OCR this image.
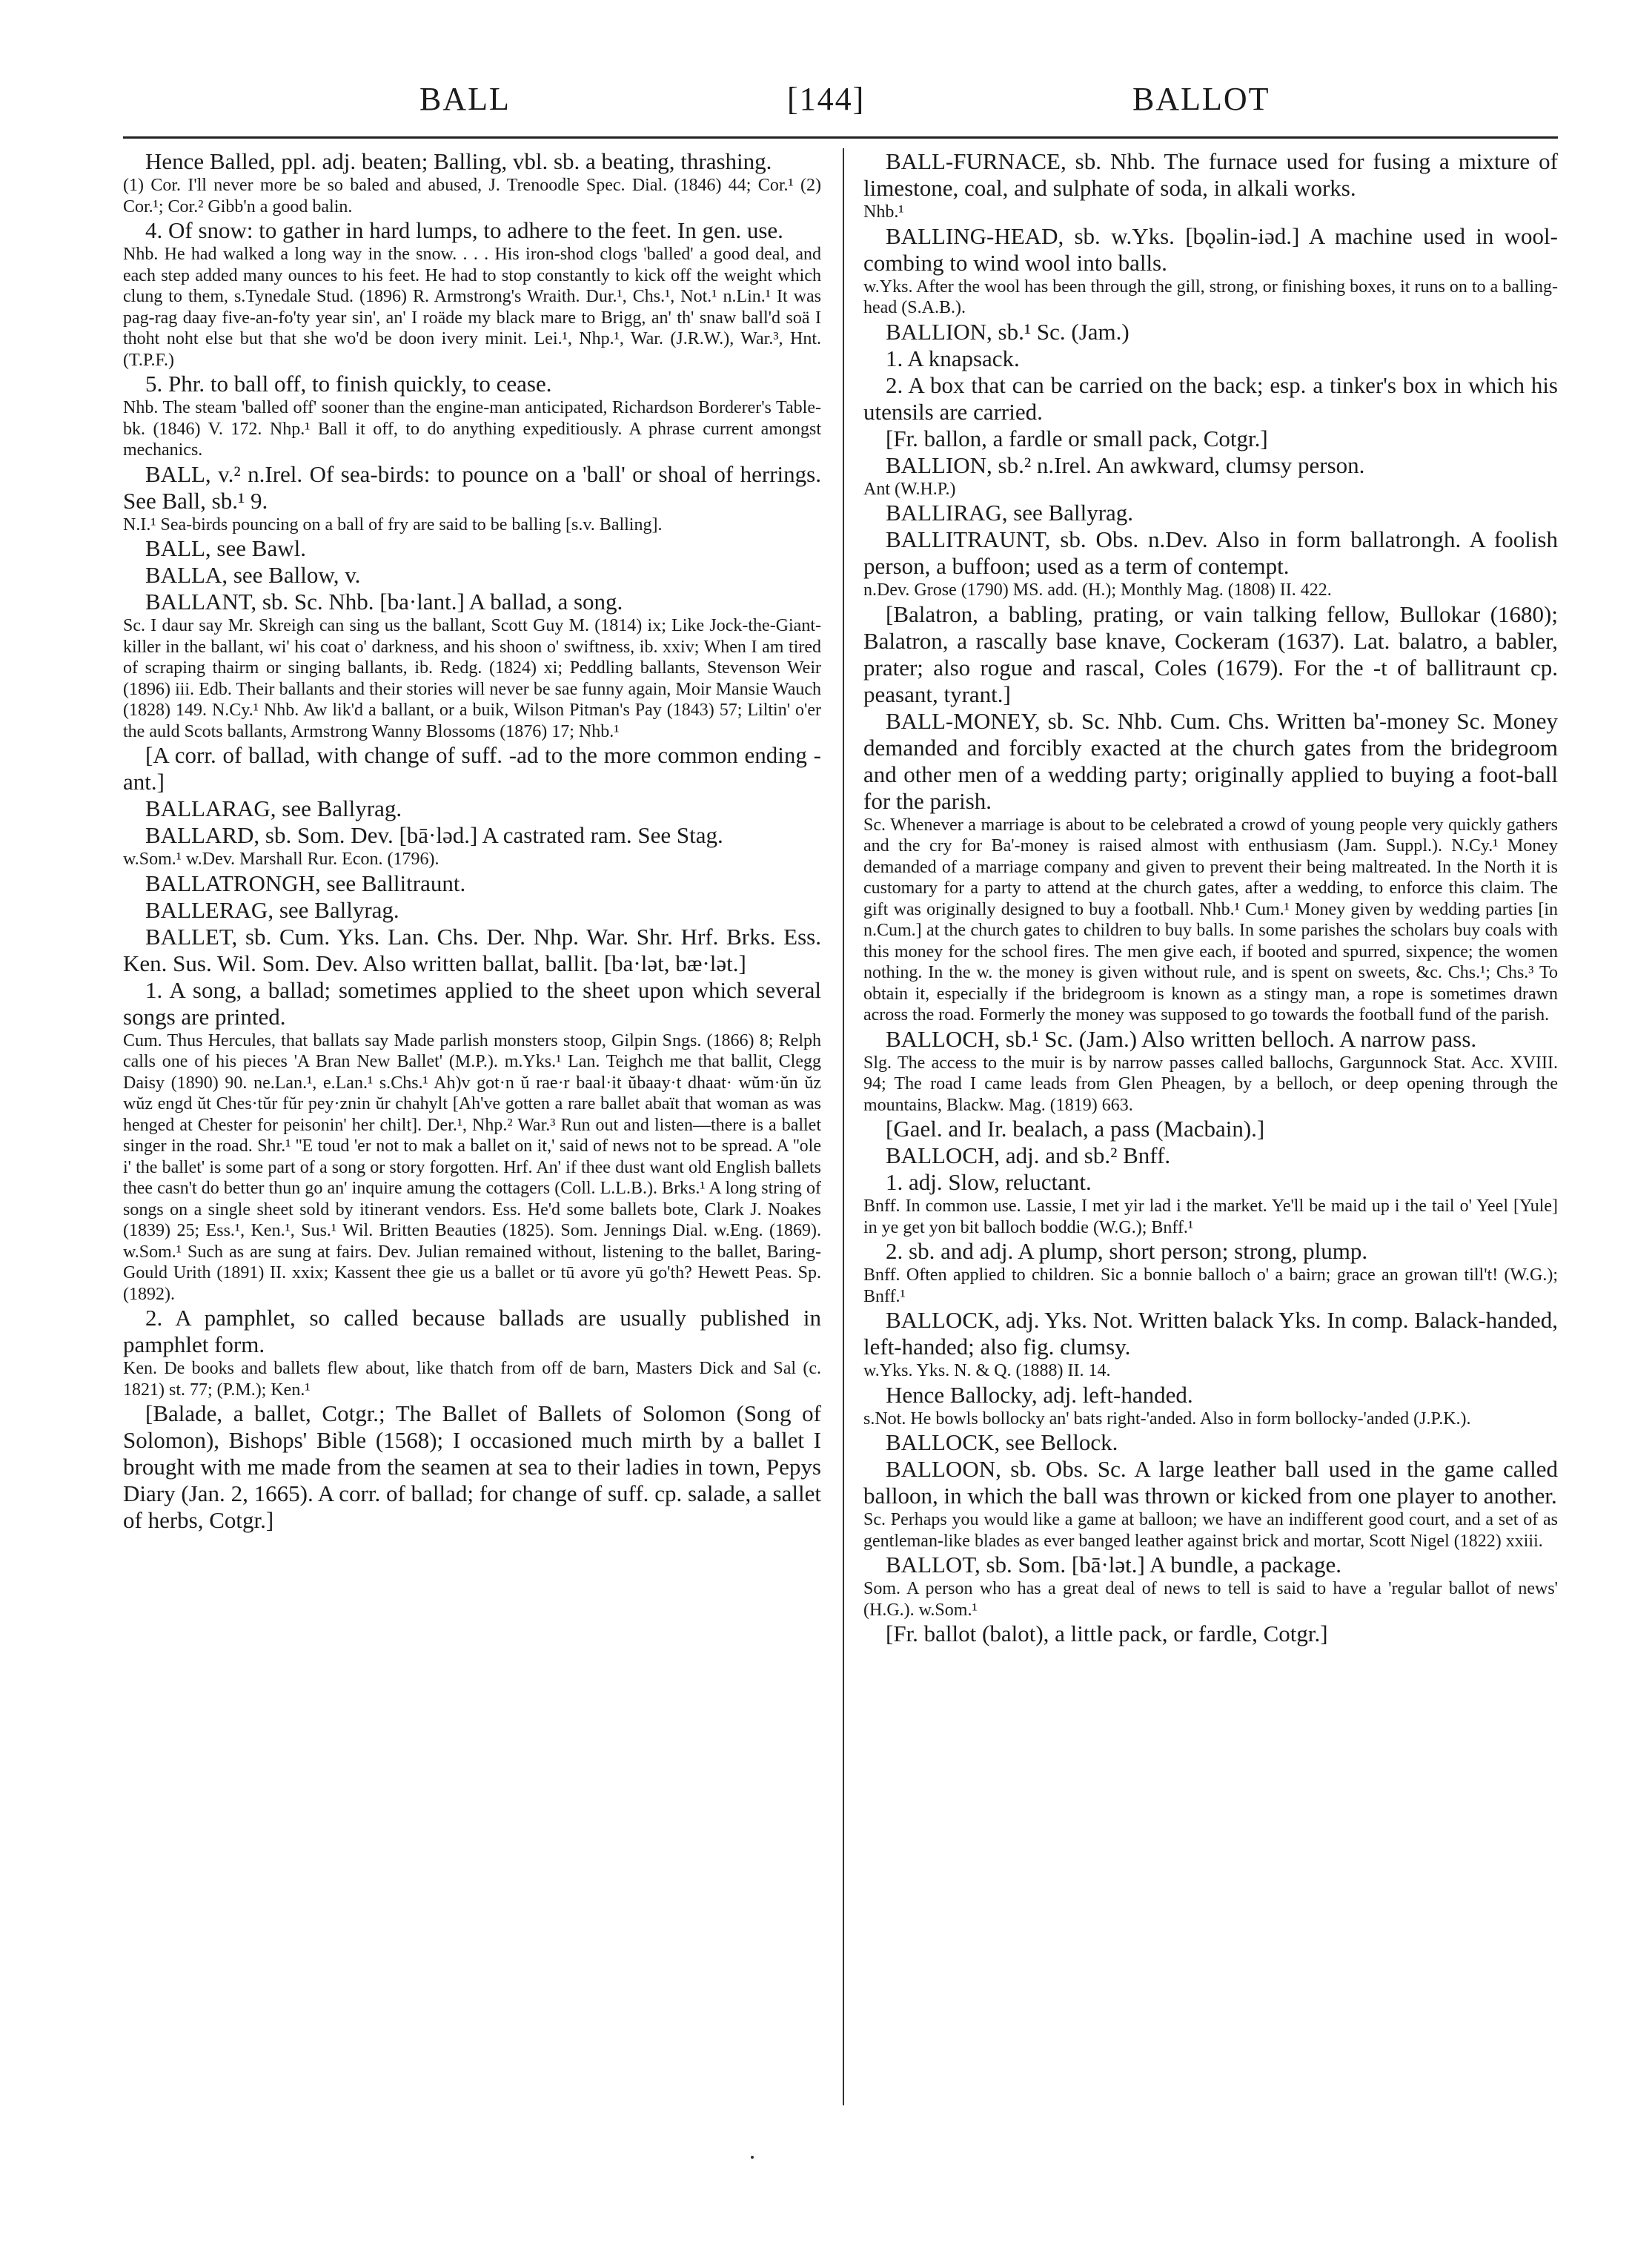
BALL	[144]	BALLOT

Hence Balled, ppl. adj. beaten; Balling, vbl. sb. a beating, thrashing.

(1) Cor. I'll never more be so baled and abused, J. Trenoodle Spec. Dial. (1846) 44; Cor.¹ (2) Cor.¹; Cor.² Gibb'n a good balin.

4. Of snow: to gather in hard lumps, to adhere to the feet. In gen. use.

Nhb. He had walked a long way in the snow. . . . His iron-shod clogs 'balled' a good deal, and each step added many ounces to his feet. He had to stop constantly to kick off the weight which clung to them, s.Tynedale Stud. (1896) R. Armstrong's Wraith. Dur.¹, Chs.¹, Not.¹ n.Lin.¹ It was pag-rag daay five-an-fo'ty year sin', an' I roäde my black mare to Brigg, an' th' snaw ball'd soä I thoht noht else but that she wo'd be doon ivery minit. Lei.¹, Nhp.¹, War. (J.R.W.), War.³, Hnt. (T.P.F.)

5. Phr. to ball off, to finish quickly, to cease.

Nhb. The steam 'balled off' sooner than the engine-man anticipated, Richardson Borderer's Table-bk. (1846) V. 172. Nhp.¹ Ball it off, to do anything expeditiously. A phrase current amongst mechanics.

BALL, v.² n.Irel. Of sea-birds: to pounce on a 'ball' or shoal of herrings. See Ball, sb.¹ 9.

N.I.¹ Sea-birds pouncing on a ball of fry are said to be balling [s.v. Balling].

BALL, see Bawl.

BALLA, see Ballow, v.

BALLANT, sb. Sc. Nhb. [ba·lant.] A ballad, a song.

Sc. I daur say Mr. Skreigh can sing us the ballant, Scott Guy M. (1814) ix; Like Jock-the-Giant-killer in the ballant, wi' his coat o' darkness, and his shoon o' swiftness, ib. xxiv; When I am tired of scraping thairm or singing ballants, ib. Redg. (1824) xi; Peddling ballants, Stevenson Weir (1896) iii. Edb. Their ballants and their stories will never be sae funny again, Moir Mansie Wauch (1828) 149. N.Cy.¹ Nhb. Aw lik'd a ballant, or a buik, Wilson Pitman's Pay (1843) 57; Liltin' o'er the auld Scots ballants, Armstrong Wanny Blossoms (1876) 17; Nhb.¹

[A corr. of ballad, with change of suff. -ad to the more common ending -ant.]

BALLARAG, see Ballyrag.

BALLARD, sb. Som. Dev. [bā·ləd.] A castrated ram. See Stag.

w.Som.¹ w.Dev. Marshall Rur. Econ. (1796).

BALLATRONGH, see Ballitraunt.

BALLERAG, see Ballyrag.

BALLET, sb. Cum. Yks. Lan. Chs. Der. Nhp. War. Shr. Hrf. Brks. Ess. Ken. Sus. Wil. Som. Dev. Also written ballat, ballit. [ba·lət, bæ·lət.]

1. A song, a ballad; sometimes applied to the sheet upon which several songs are printed.

Cum. Thus Hercules, that ballats say Made parlish monsters stoop, Gilpin Sngs. (1866) 8; Relph calls one of his pieces 'A Bran New Ballet' (M.P.). m.Yks.¹ Lan. Teighch me that ballit, Clegg Daisy (1890) 90. ne.Lan.¹, e.Lan.¹ s.Chs.¹ Ah)v got·n ŭ rae·r baal·it ŭbaay·t dhaat· wŭm·ŭn ŭz wŭz engd ŭt Ches·tŭr fŭr pey·znin ŭr chahylt [Ah've gotten a rare ballet abaït that woman as was henged at Chester for peisonin' her chilt]. Der.¹, Nhp.² War.³ Run out and listen—there is a ballet singer in the road. Shr.¹ ''E toud 'er not to mak a ballet on it,' said of news not to be spread. A ''ole i' the ballet' is some part of a song or story forgotten. Hrf. An' if thee dust want old English ballets thee casn't do better thun go an' inquire amung the cottagers (Coll. L.L.B.). Brks.¹ A long string of songs on a single sheet sold by itinerant vendors. Ess. He'd some ballets bote, Clark J. Noakes (1839) 25; Ess.¹, Ken.¹, Sus.¹ Wil. Britten Beauties (1825). Som. Jennings Dial. w.Eng. (1869). w.Som.¹ Such as are sung at fairs. Dev. Julian remained without, listening to the ballet, Baring-Gould Urith (1891) II. xxix; Kassent thee gie us a ballet or tū avore yū go'th? Hewett Peas. Sp. (1892).

2. A pamphlet, so called because ballads are usually published in pamphlet form.

Ken. De books and ballets flew about, like thatch from off de barn, Masters Dick and Sal (c. 1821) st. 77; (P.M.); Ken.¹

[Balade, a ballet, Cotgr.; The Ballet of Ballets of Solomon (Song of Solomon), Bishops' Bible (1568); I occasioned much mirth by a ballet I brought with me made from the seamen at sea to their ladies in town, Pepys Diary (Jan. 2, 1665). A corr. of ballad; for change of suff. cp. salade, a sallet of herbs, Cotgr.]

BALL-FURNACE, sb. Nhb. The furnace used for fusing a mixture of limestone, coal, and sulphate of soda, in alkali works.

Nhb.¹

BALLING-HEAD, sb. w.Yks. [bǫəlin-iəd.] A machine used in wool-combing to wind wool into balls.

w.Yks. After the wool has been through the gill, strong, or finishing boxes, it runs on to a balling-head (S.A.B.).

BALLION, sb.¹ Sc. (Jam.)

1. A knapsack.

2. A box that can be carried on the back; esp. a tinker's box in which his utensils are carried.

[Fr. ballon, a fardle or small pack, Cotgr.]

BALLION, sb.² n.Irel. An awkward, clumsy person.

Ant (W.H.P.)

BALLIRAG, see Ballyrag.

BALLITRAUNT, sb. Obs. n.Dev. Also in form ballatrongh. A foolish person, a buffoon; used as a term of contempt.

n.Dev. Grose (1790) MS. add. (H.); Monthly Mag. (1808) II. 422.

[Balatron, a babling, prating, or vain talking fellow, Bullokar (1680); Balatron, a rascally base knave, Cockeram (1637). Lat. balatro, a babler, prater; also rogue and rascal, Coles (1679). For the -t of ballitraunt cp. peasant, tyrant.]

BALL-MONEY, sb. Sc. Nhb. Cum. Chs. Written ba'-money Sc. Money demanded and forcibly exacted at the church gates from the bridegroom and other men of a wedding party; originally applied to buying a foot-ball for the parish.

Sc. Whenever a marriage is about to be celebrated a crowd of young people very quickly gathers and the cry for Ba'-money is raised almost with enthusiasm (Jam. Suppl.). N.Cy.¹ Money demanded of a marriage company and given to prevent their being maltreated. In the North it is customary for a party to attend at the church gates, after a wedding, to enforce this claim. The gift was originally designed to buy a football. Nhb.¹ Cum.¹ Money given by wedding parties [in n.Cum.] at the church gates to children to buy balls. In some parishes the scholars buy coals with this money for the school fires. The men give each, if booted and spurred, sixpence; the women nothing. In the w. the money is given without rule, and is spent on sweets, &c. Chs.¹; Chs.³ To obtain it, especially if the bridegroom is known as a stingy man, a rope is sometimes drawn across the road. Formerly the money was supposed to go towards the football fund of the parish.

BALLOCH, sb.¹ Sc. (Jam.) Also written belloch. A narrow pass.

Slg. The access to the muir is by narrow passes called ballochs, Gargunnock Stat. Acc. XVIII. 94; The road I came leads from Glen Pheagen, by a belloch, or deep opening through the mountains, Blackw. Mag. (1819) 663.

[Gael. and Ir. bealach, a pass (Macbain).]

BALLOCH, adj. and sb.² Bnff.

1. adj. Slow, reluctant.

Bnff. In common use. Lassie, I met yir lad i the market. Ye'll be maid up i the tail o' Yeel [Yule] in ye get yon bit balloch boddie (W.G.); Bnff.¹

2. sb. and adj. A plump, short person; strong, plump.

Bnff. Often applied to children. Sic a bonnie balloch o' a bairn; grace an growan till't! (W.G.); Bnff.¹

BALLOCK, adj. Yks. Not. Written balack Yks. In comp. Balack-handed, left-handed; also fig. clumsy.

w.Yks. Yks. N. & Q. (1888) II. 14.

Hence Ballocky, adj. left-handed.

s.Not. He bowls bollocky an' bats right-'anded. Also in form bollocky-'anded (J.P.K.).

BALLOCK, see Bellock.

BALLOON, sb. Obs. Sc. A large leather ball used in the game called balloon, in which the ball was thrown or kicked from one player to another.

Sc. Perhaps you would like a game at balloon; we have an indifferent good court, and a set of as gentleman-like blades as ever banged leather against brick and mortar, Scott Nigel (1822) xxiii.

BALLOT, sb. Som. [bā·lət.] A bundle, a package.

Som. A person who has a great deal of news to tell is said to have a 'regular ballot of news' (H.G.). w.Som.¹

[Fr. ballot (balot), a little pack, or fardle, Cotgr.]
